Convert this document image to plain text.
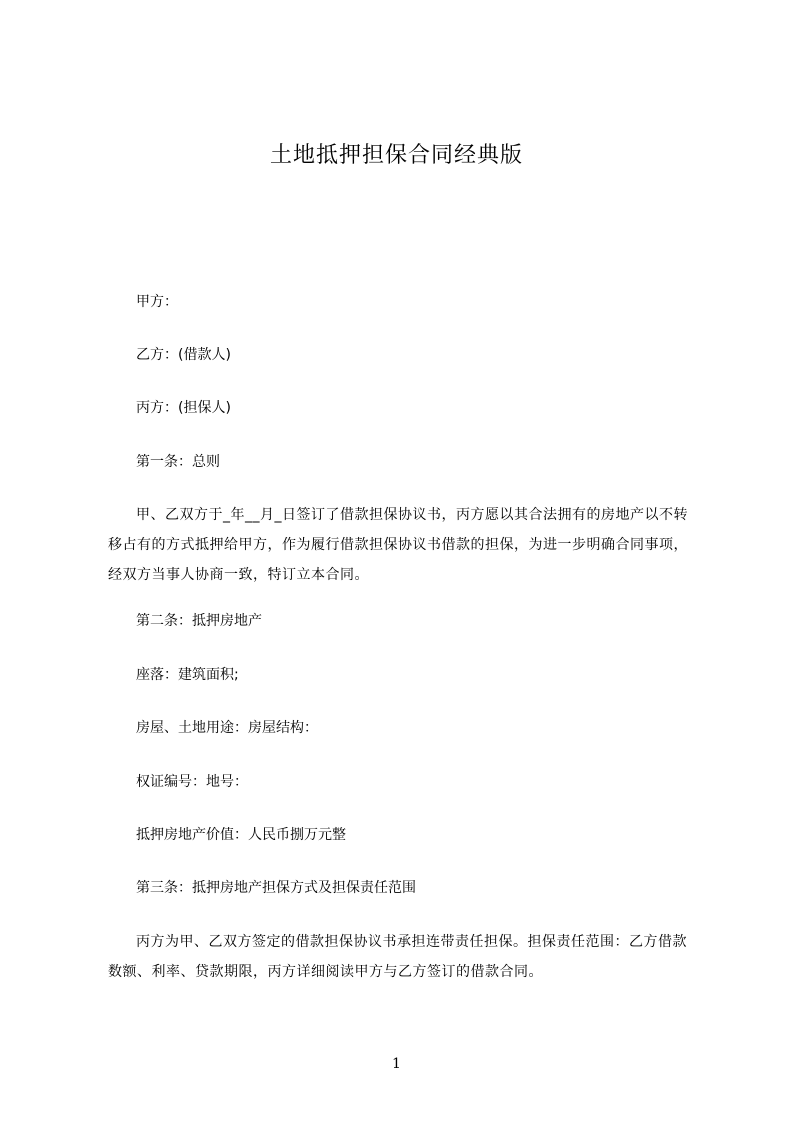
土地抵押担保合同经典版
甲方：
乙方：(借款人)
丙方：(担保人)
第一条：总则
甲、乙双方于_年__月_日签订了借款担保协议书，丙方愿以其合法拥有的房地产以不转移占有的方式抵押给甲方，作为履行借款担保协议书借款的担保，为进一步明确合同事项，经双方当事人协商一致，特订立本合同。
第二条：抵押房地产
座落：建筑面积;
房屋、土地用途：房屋结构：
权证编号：地号：
抵押房地产价值：人民币捌万元整
第三条：抵押房地产担保方式及担保责任范围
丙方为甲、乙双方签定的借款担保协议书承担连带责任担保。担保责任范围：乙方借款数额、利率、贷款期限，丙方详细阅读甲方与乙方签订的借款合同。
1
